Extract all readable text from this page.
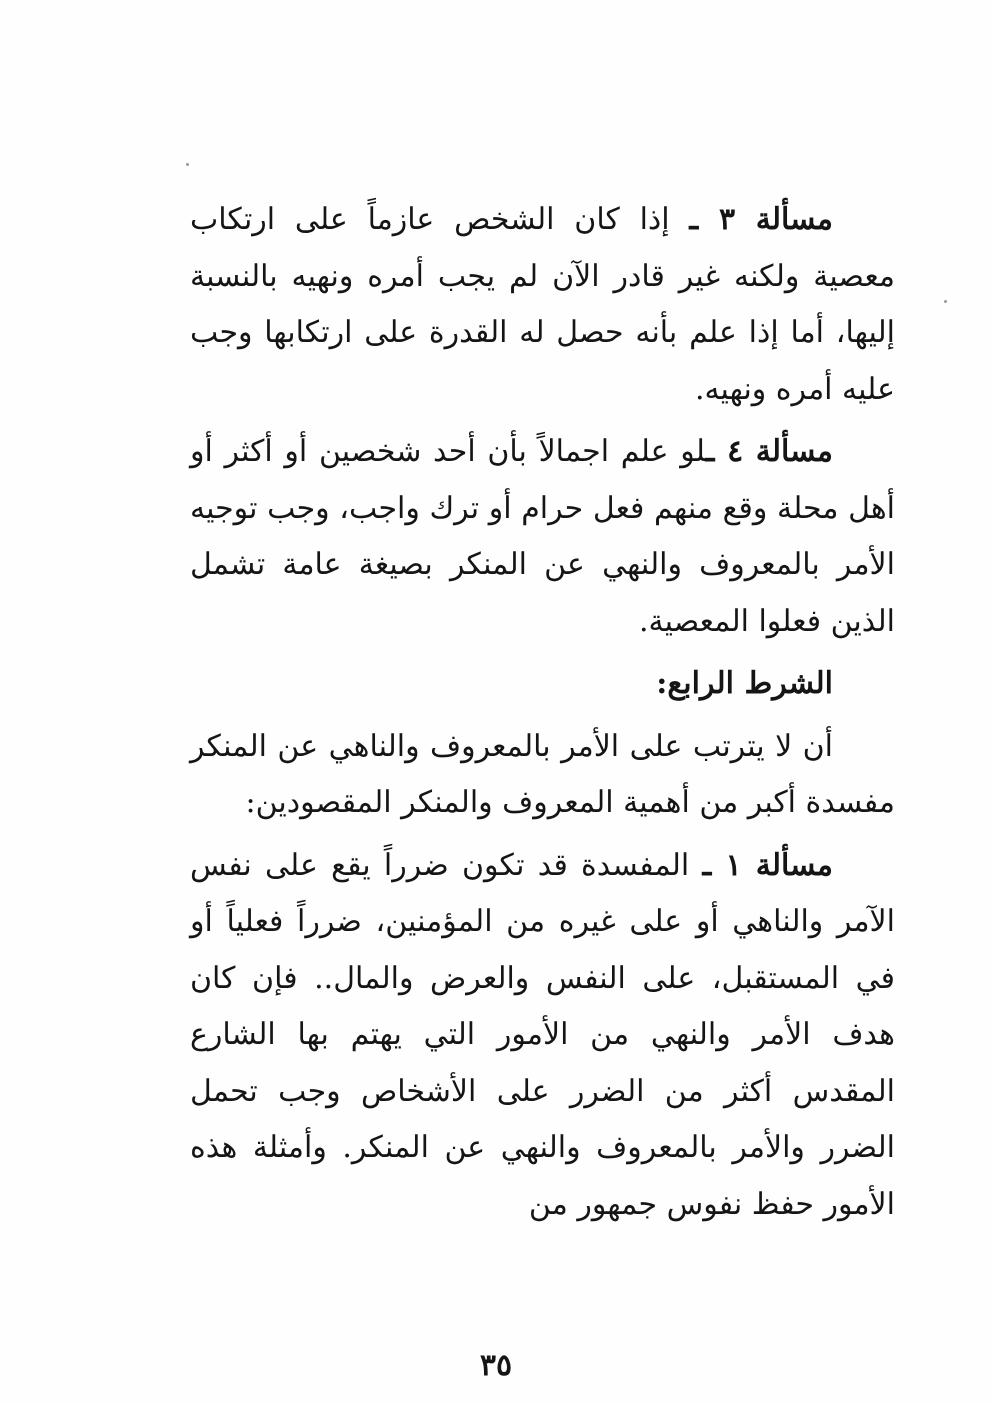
مسألة ٣ ـ إذا كان الشخص عازماً على ارتكاب معصية ولكنه غير قادر الآن لم يجب أمره ونهيه بالنسبة إليها، أما إذا علم بأنه حصل له القدرة على ارتكابها وجب عليه أمره ونهيه.

مسألة ٤ ـلو علم اجمالاً بأن أحد شخصين أو أكثر أو أهل محلة وقع منهم فعل حرام أو ترك واجب، وجب توجيه الأمر بالمعروف والنهي عن المنكر بصيغة عامة تشمل الذين فعلوا المعصية.

الشرط الرابع:

أن لا يترتب على الأمر بالمعروف والناهي عن المنكر مفسدة أكبر من أهمية المعروف والمنكر المقصودين:

مسألة ١ ـ المفسدة قد تكون ضرراً يقع على نفس الآمر والناهي أو على غيره من المؤمنين، ضرراً فعلياً أو في المستقبل، على النفس والعرض والمال.. فإن كان هدف الأمر والنهي من الأمور التي يهتم بها الشارع المقدس أكثر من الضرر على الأشخاص وجب تحمل الضرر والأمر بالمعروف والنهي عن المنكر. وأمثلة هذه الأمور حفظ نفوس جمهور من

٣٥
